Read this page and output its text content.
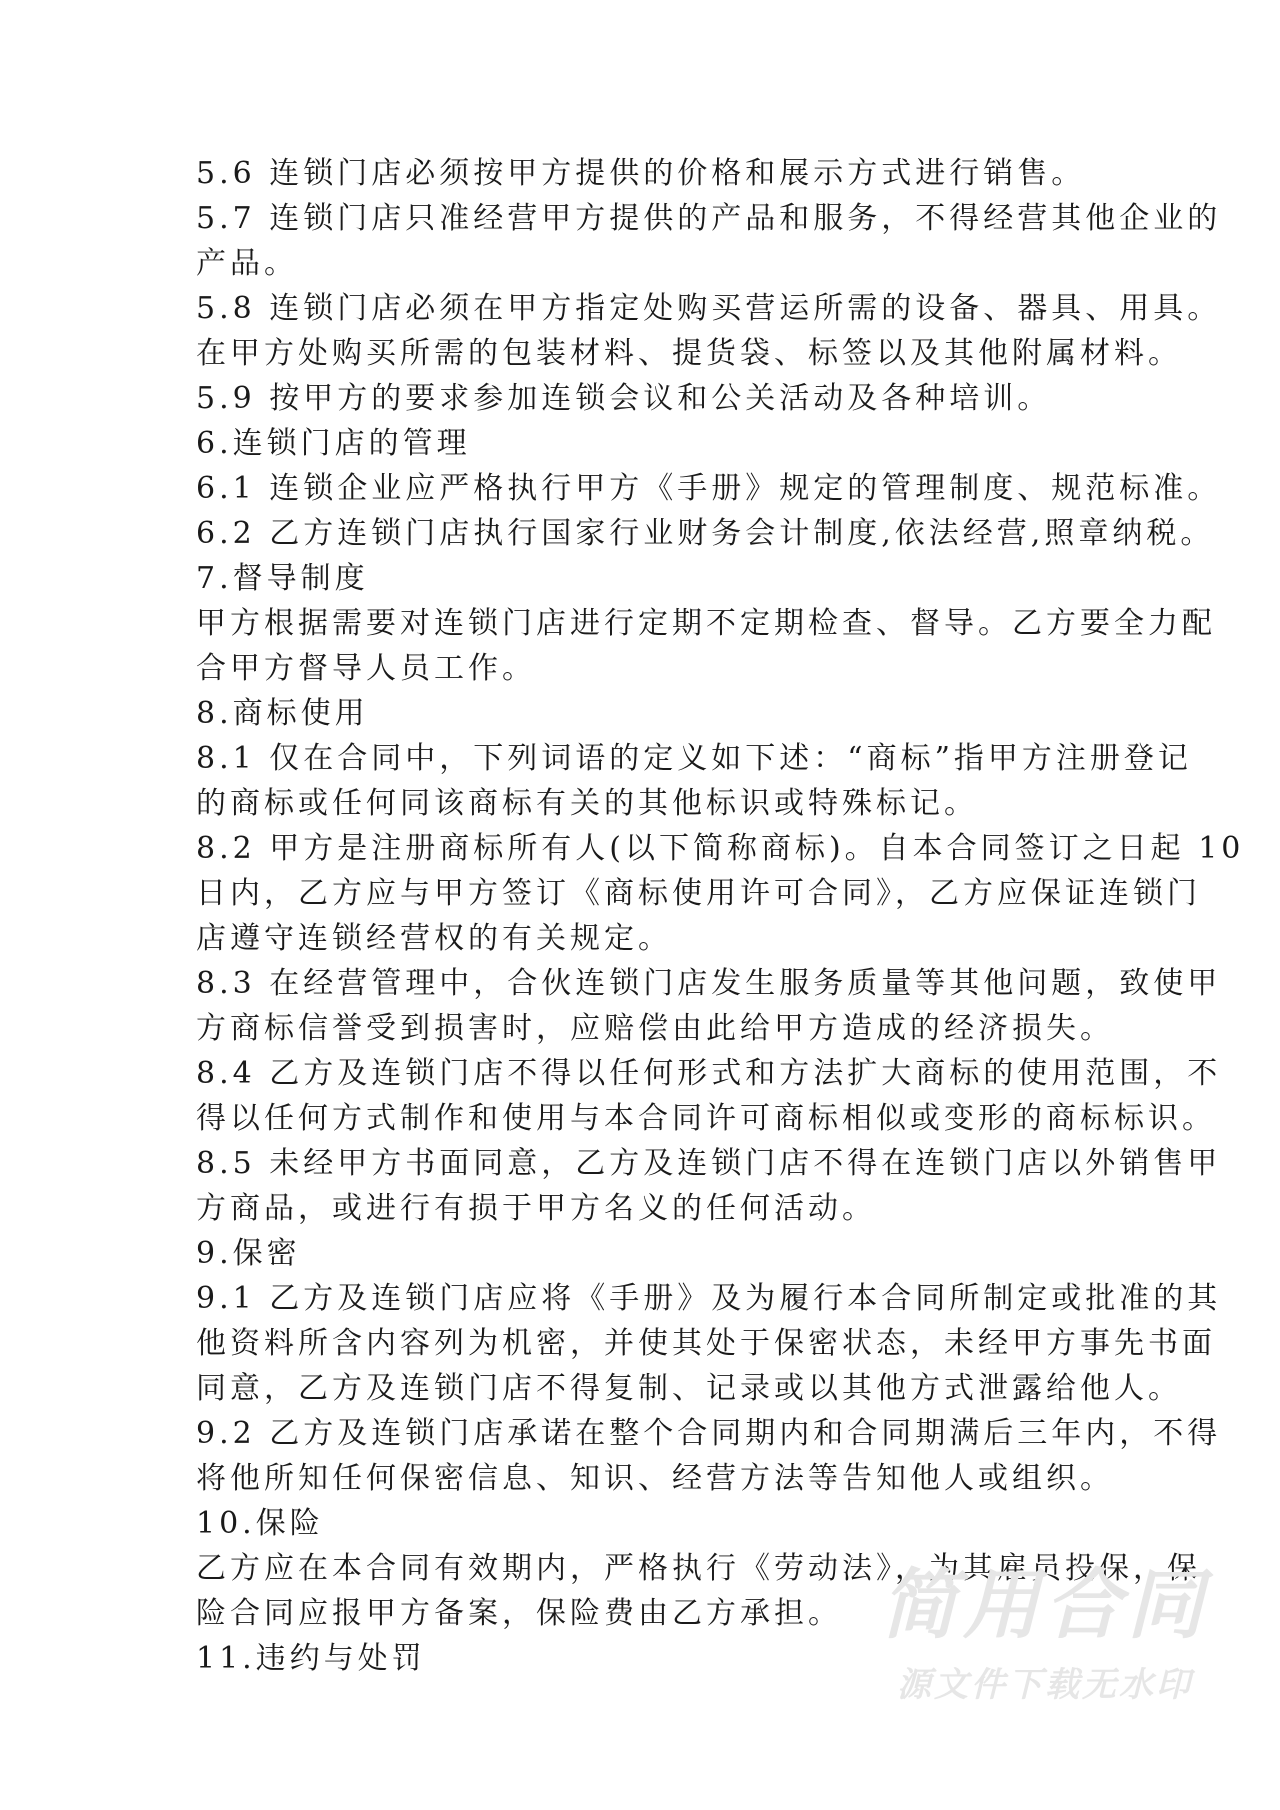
5.6 连锁门店必须按甲方提供的价格和展示方式进行销售。
5.7 连锁门店只准经营甲方提供的产品和服务，不得经营其他企业的
产品。
5.8 连锁门店必须在甲方指定处购买营运所需的设备、器具、用具。
在甲方处购买所需的包装材料、提货袋、标签以及其他附属材料。
5.9 按甲方的要求参加连锁会议和公关活动及各种培训。
6.连锁门店的管理
6.1 连锁企业应严格执行甲方《手册》规定的管理制度、规范标准。
6.2 乙方连锁门店执行国家行业财务会计制度,依法经营,照章纳税。
7.督导制度
甲方根据需要对连锁门店进行定期不定期检查、督导。乙方要全力配
合甲方督导人员工作。
8.商标使用
8.1 仅在合同中，下列词语的定义如下述：“商标”指甲方注册登记
的商标或任何同该商标有关的其他标识或特殊标记。
8.2 甲方是注册商标所有人(以下简称商标)。自本合同签订之日起 10
日内，乙方应与甲方签订《商标使用许可合同》，乙方应保证连锁门
店遵守连锁经营权的有关规定。
8.3 在经营管理中，合伙连锁门店发生服务质量等其他问题，致使甲
方商标信誉受到损害时，应赔偿由此给甲方造成的经济损失。
8.4 乙方及连锁门店不得以任何形式和方法扩大商标的使用范围，不
得以任何方式制作和使用与本合同许可商标相似或变形的商标标识。
8.5 未经甲方书面同意，乙方及连锁门店不得在连锁门店以外销售甲
方商品，或进行有损于甲方名义的任何活动。
9.保密
9.1 乙方及连锁门店应将《手册》及为履行本合同所制定或批准的其
他资料所含内容列为机密，并使其处于保密状态，未经甲方事先书面
同意，乙方及连锁门店不得复制、记录或以其他方式泄露给他人。
9.2 乙方及连锁门店承诺在整个合同期内和合同期满后三年内，不得
将他所知任何保密信息、知识、经营方法等告知他人或组织。
10.保险
乙方应在本合同有效期内，严格执行《劳动法》，为其雇员投保，保
险合同应报甲方备案，保险费由乙方承担。
11.违约与处罚
简用合同
源文件下载无水印
